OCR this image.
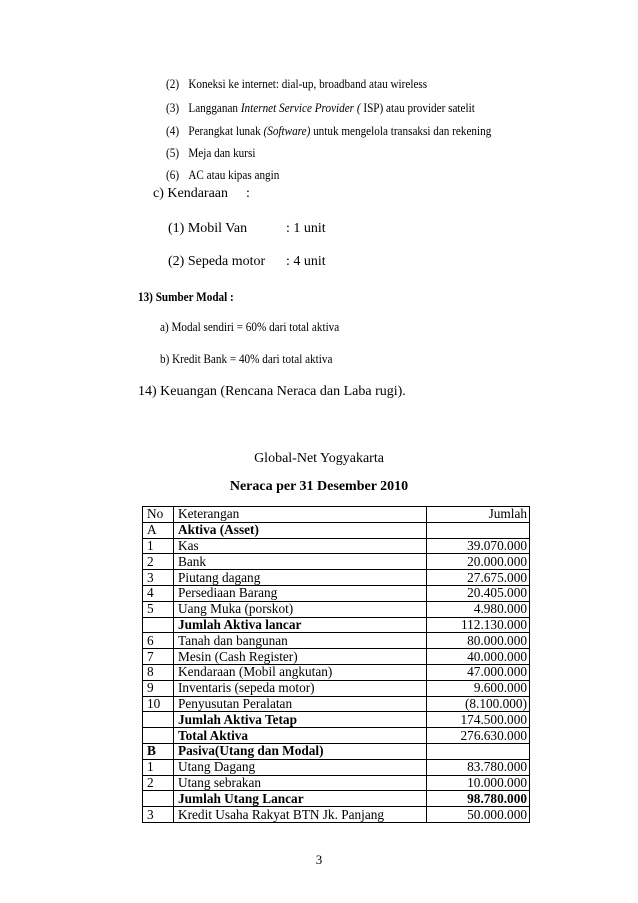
(2) Koneksi ke internet: dial-up, broadband atau wireless
(3) Langganan Internet Service Provider ( ISP) atau provider satelit
(4) Perangkat lunak (Software) untuk mengelola transaksi dan rekening
(5) Meja dan kursi
(6) AC atau kipas angin
c) Kendaraan :
(1) Mobil Van	: 1 unit
(2) Sepeda motor : 4 unit
13) Sumber Modal :
a) Modal sendiri = 60% dari total aktiva
b) Kredit Bank = 40% dari total aktiva
14) Keuangan (Rencana Neraca dan Laba rugi).
Global-Net Yogyakarta
Neraca per 31 Desember 2010
No	Keterangan	Jumlah
A	Aktiva (Asset)	
1	Kas	39.070.000
2	Bank	20.000.000
3	Piutang dagang	27.675.000
4	Persediaan Barang	20.405.000
5	Uang Muka (porskot)	4.980.000
	Jumlah Aktiva lancar	112.130.000
6	Tanah dan bangunan	80.000.000
7	Mesin (Cash Register)	40.000.000
8	Kendaraan (Mobil angkutan)	47.000.000
9	Inventaris (sepeda motor)	9.600.000
10	Penyusutan Peralatan	(8.100.000)
	Jumlah Aktiva Tetap	174.500.000
	Total Aktiva	276.630.000
B	Pasiva(Utang dan Modal)	
1	Utang Dagang	83.780.000
2	Utang sebrakan	10.000.000
	Jumlah Utang Lancar	98.780.000
3	Kredit Usaha Rakyat BTN Jk. Panjang	50.000.000
3
